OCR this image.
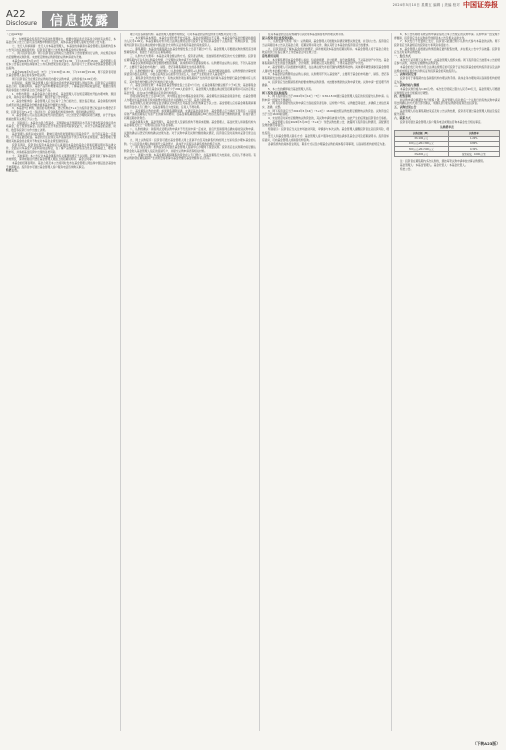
2024年5月10日 星期五 编辑 | 美编 校对 中国证券报
A22
Disclosure 信息披露
（上接A21版）

度”，为增强基金所投资产的流动性管理能力，根据中国证监会及基金合同的有关规定，本基金自本公告之日起可适当调整申购赎回安排，具体以基金管理人届时发布的公告为准。

七、发行人和承销商：发行人为本基金管理人，本基金的承销商为基金管理人直销机构及本公告列示的其他销售机构，投资者可通过上述机构办理基金的认购申请。

八、网下投资者认购：网下投资者在认购时应当按照本公告的要求进行认购，并在规定时间内足额缴纳认购款项。未按规定缴纳认购款项的认购申请视为无效。

本基金2024年5月13日（T-1日）上午9:30至11:30、下午13:00至15:00，基金管理人将在本公告指定的网站和媒体上公布认购结果及相关信息。投资者可于上述时间登录基金管理人网站查询。

本基金2024年5月14日（T日）上午9:30至11:30、下午13:00至15:00，网下投资者可通过基金管理人指定的系统申报认购。

网下投资者应当在规定的认购时段内提交认购申请，认购价格为1.00元/份。

如有疑问，请拨打基金管理人客户服务电话或登录基金管理人网站咨询。投资者应认真阅读基金合同、招募说明书、基金产品资料概要等法律文件，了解基金的风险收益特征，根据自身的风险承受能力选择适合自己的基金产品。

1、申购与赎回：本基金基金合同生效后，基金管理人可在规定期限内开始办理申购、赎回业务，具体业务办理时间在申购、赎回开始公告中规定。

2、基金份额净值：基金管理人应当在每个工作日的次日，通过指定网站、基金销售机构网站或营业网点披露基金份额净值和基金份额累计净值。

3、本基金T日申购、赎回的有效申请，登记机构在T+1日为投资者登记权益并办理登记手续，投资者可在T+2日（包括该日）后到销售机构查询申购、赎回的确认情况。

4、基金管理人可以在法律法规允许的范围内，对上述登记办理时间进行调整，并于开始实施前按照有关规定予以公告。

九、风险提示：本基金为混合型基金，其预期收益及预期风险水平高于债券型基金和货币市场基金，低于股票型基金。投资者应充分考虑自身的风险承受能力，并对于认购基金的意愿、时机、数量等投资行为作出独立决策。

基金管理人承诺以诚实信用、勤勉尽责的原则管理和运用基金资产，但不保证基金一定盈利，也不保证最低收益。基金的过往业绩及其净值高低并不预示其未来业绩表现，基金管理人管理的其他基金的业绩并不构成对本基金业绩表现的保证。

投资有风险，投资者在投资本基金前应认真阅读本基金的基金合同和招募说明书等法律文件，全面认识本基金产品的风险收益特征，在了解产品情况及销售适当性意见的基础上，理性判断市场，并承担基金投资中出现的各类风险。

十、其他事项：本公告仅对本基金募集的有关事项和规定予以说明。投资者欲了解本基金的详细情况，请详细阅读刊登在基金管理人网站上的招募说明书、基金合同等。

本基金的招募说明书、基金合同及本公告将同时发布在基金管理人网站和中国证监会基金电子披露网站。投资者亦可通过基金管理人客户服务电话咨询购买事宜。

特此公告。

理公司及各销售机构。基金管理人根据市场情况，可对本基金的认购安排进行调整并及时公告。

一、本次募集基本情况：本基金为契约型开放式基金，基金存续期限为不定期。本基金每份基金份额初始面值为人民币1.00元。本基金募集对象为符合法律法规规定的可投资于证券投资基金的个人投资者、机构投资者、合格境外投资者以及法律法规或中国证监会允许购买证券投资基金的其他投资人。

二、募集期限：本基金的募集期为自基金份额发售之日起不超过3个月。基金管理人可根据认购的情况适当调整募集时间，但最长不超过法定募集期限。

三、认购方式与费率：本基金采用金额认购方式。投资者认购时，需按销售机构规定的方式全额缴款。投资者在募集期内可以多次认购基金份额，已受理的认购申请不允许撤销。

本基金认购费率随认购金额的增加而递减，具体费率详见招募说明书。认购费用由认购人承担，不列入基金财产，主要用于基金的市场推广、销售、登记等募集期间发生的各项费用。

四、认购份额的计算：认购份额=（认购金额-认购费用+认购利息）/基金份额初始面值。认购份额的计算结果保留到小数点后两位，小数点后两位以后的部分四舍五入，由此产生的误差计入基金财产。

五、募集资金利息的处理方式：有效认购款项在募集期间产生的利息将折算为基金份额归基金份额持有人所有，其中利息转份额以登记机构的记录为准。

六、基金合同的生效：本基金自基金份额发售之日起3个月内，在基金募集份额总额不少于2亿份，基金募集金额不少于2亿元人民币且基金认购人数不少于200人的条件下，基金管理人依据法律法规及招募说明书可以决定停止基金发售，并在10日内聘请法定验资机构验资。

自收到验资报告之日起10日内，向中国证监会办理基金备案手续。基金募集达到基金备案条件的，自基金管理人办理完毕基金备案手续并取得中国证监会书面确认之日起，基金合同生效。

基金管理人在收到中国证监会确认文件的次日对基金合同生效事宜予以公告。基金管理人应将基金募集期间募集的资金存入专门账户，在基金募集行为结束前，任何人不得动用。

七、基金募集失败的处理：如果募集期限届满，未满足基金备案条件，基金管理人应当承担下列责任：以其固有财产承担因募集行为而产生的债务和费用；在基金募集期限届满后30日内返还投资者已缴纳的款项，并加计银行同期活期存款利息。

如基金募集失败，基金管理人、基金托管人及销售机构不得请求报酬。基金管理人、基金托管人和销售机构为基金募集支付之一切费用应由各方各自承担。

八、认购的确认：销售网点受理认购申请并不代表该申请一定成功，而仅代表销售网点确实接收到认购申请。认购的确认以登记机构的确认结果为准。对于认购申请及认购份额的确认情况，投资者应及时查询并妥善行使合法权利。

九、网上认购程序：投资者可通过基金管理人网上直销平台及其他销售机构的网上交易系统办理本基金的认购。个人投资者办理认购前须开立基金账户，具体开户流程以各销售机构的规定为准。

十、网下现金认购：机构投资者可通过基金管理人直销中心办理网下现金认购。投资者应在认购期内将足额认购资金划入基金管理人指定的直销专户，并提交认购申请表等相关材料。

十一、清算与交割：本基金募集期间募集的资金存入专门账户，在基金募集行为结束前，任何人不得动用。有效认购款项在募集期间产生的利息将折算为基金份额归基金份额持有人所有。

在其本基金的合法有效期内可以使用本基金销售机构办理认购手续。

提示投资者注意投资风险。

八、认购安排与费用（续）：认购期间，基金管理人可根据实际情况调整认购安排，并及时公告。投资者应当认真阅读本公告以及基金合同、招募说明书等文件，确认其符合本基金的投资者适当性要求。

九、投资者如需了解本基金的详细情况，请详细阅读本基金的招募说明书。本基金管理人将于基金合同生效后的次日在指定媒介上刊登基金合同生效公告。

募集费用说明

1、本次募集费用由基金管理人承担，包括律师费、会计师费、信息披露费等，不从基金财产中列支。基金募集期间所发生的信息披露费、会计师费、律师费以及其他费用，不得从基金财产中列支。

2、基金管理人可以根据市场情况，在法律法规允许的范围内调整费率结构。具体费率调整请参见基金管理人届时发布的相关公告。

3、本基金的认购费用由认购人承担，认购费用不列入基金财产，主要用于基金的市场推广、销售、登记等募集期间发生的各项费用。

4、投资者应当按照销售机构的要求缴纳认购款项。未按要求缴款的认购申请无效。认购申请一经受理不得撤销。

5、本公告的解释权归基金管理人所有。

网下投资者认购流程：

1、网下投资者应当于2024年5月14日（T日）9:30-15:00通过基金管理人指定的系统提交认购申请。认购申请一经提交不得撤回。

2、网下投资者提交的认购申请应当包括投资者名称、证券账户号码、认购数量等信息，并确保上述信息真实、准确、完整。

3、网下投资者应当于2024年5月16日（T+2日）16:00前按照认购结果足额缴纳认购资金。认购资金应当于当日16:00前到账。

4、未在规定时间内足额缴纳认购资金的，其认购申请将被视为无效，由此产生的后果由投资者自行承担。

5、基金管理人将在2024年5月20日（T+4日）刊登认购结果公告，披露网下投资者认购情况、获配情况及缴款情况等信息。

特别提示：投资者应当关注市场波动风险，审慎参与本次认购。基金管理人提醒投资者注意投资风险，理性投资。

发行人和基金管理人联系方式：基金管理人客户服务电话及网站请参见基金合同及招募说明书。投资者如有疑问，可向基金管理人或销售机构咨询。

各销售机构的具体营业网点、联系方式以及办理基金认购的具体程序等事项，以各销售机构的规定为准。

6、本公告所称的有效认购申请是指符合本公告规定的认购申请。认购申请一经受理不得撤销，投资者应当在认购前仔细阅读本公告及相关法律文件。

7、本次发行不设置网上发行，投资者只能通过网下认购方式参与本基金的认购。网下投资者应当具备相应的投资能力和风险承受能力。

8、基金管理人将根据认购情况确定最终配售结果，并在相关公告中予以披露。投资者应当及时查询认购结果。

一、发行方式

本次发行采用网下认购方式，由基金管理人组织实施。网下投资者应当按照本公告的规定参与认购，并按时足额缴纳认购资金。

本基金的发行对象为符合法律法规规定的可投资于证券投资基金的机构投资者以及法律法规或中国证监会允许购买证券投资基金的其他投资人。

二、认购时间安排

投资者可于募集期内在各销售机构办理认购手续。具体业务办理时间以各销售机构的规定为准。

三、认购价格与规模

本基金认购价格为1.00元/份。本次发行规模上限为人民币10亿元，基金管理人可根据认购情况对发行规模进行调整。

四、配售原则

如认购申请总额超过发行规模上限，基金管理人将对最后一个认购日的有效认购申请采用比例确认的方式进行部分确认，未确认部分的认购款项将退还给投资者。

五、认购结果公告

基金管理人将在募集期结束后及时公告认购结果，投资者可通过基金管理人网站及指定媒介查询。

六、联系方式

投资者可通过基金管理人客户服务电话或网站咨询本基金发行相关事宜。

认购费率表
认购金额（M）	认购费率
M<100万元	1.20%
100万元≤M<300万元	0.80%
300万元≤M<500万元	0.30%
M≥500万元	按笔收取，1000元/笔

注：投资者在募集期内多次认购的，须按每笔认购申请单独计算认购费用。

基金管理人：本基金管理人。基金托管人：本基金托管人。

特此公告。

（下转A23版）
